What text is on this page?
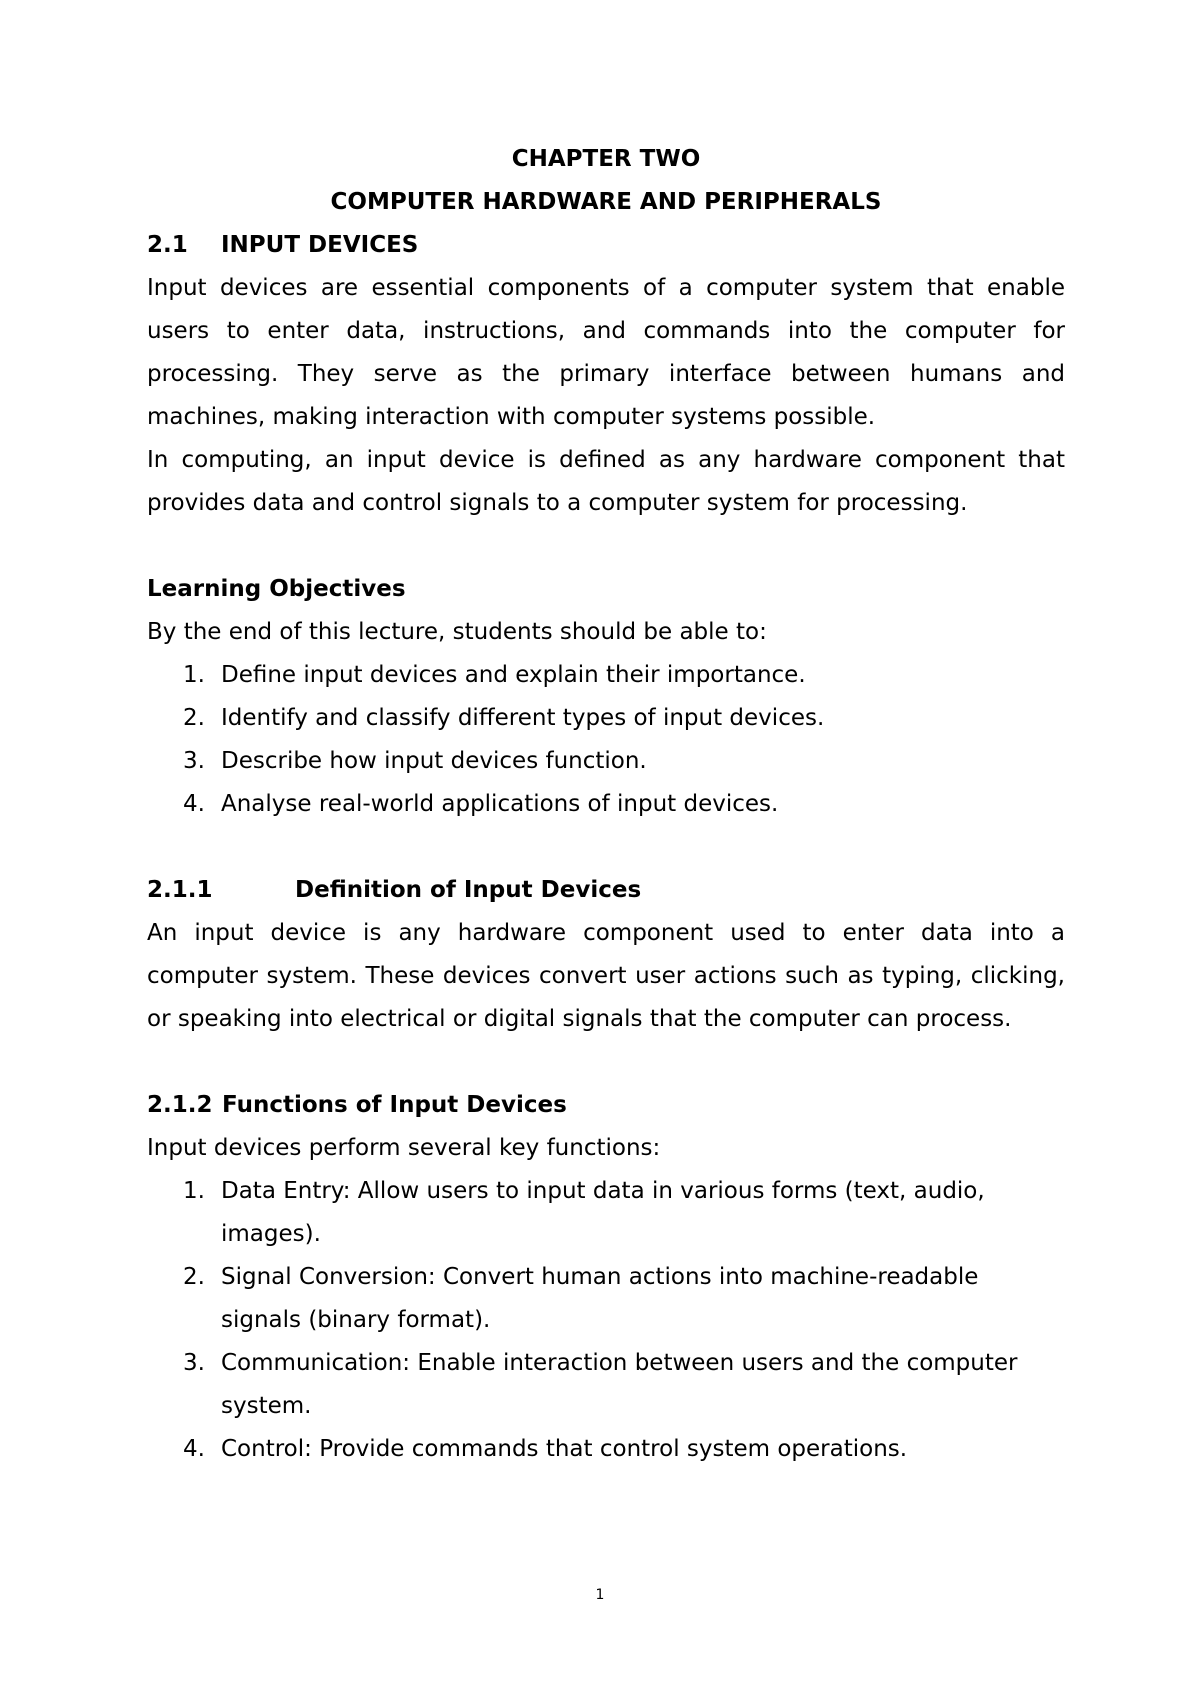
CHAPTER TWO

COMPUTER HARDWARE AND PERIPHERALS

2.1 INPUT DEVICES

Input devices are essential components of a computer system that enable users to enter data, instructions, and commands into the computer for processing. They serve as the primary interface between humans and machines, making interaction with computer systems possible.

In computing, an input device is defined as any hardware component that provides data and control signals to a computer system for processing.

Learning Objectives

By the end of this lecture, students should be able to:

1. Define input devices and explain their importance.
2. Identify and classify different types of input devices.
3. Describe how input devices function.
4. Analyse real-world applications of input devices.

2.1.1	Definition of Input Devices

An input device is any hardware component used to enter data into a computer system. These devices convert user actions such as typing, clicking, or speaking into electrical or digital signals that the computer can process.

2.1.2 Functions of Input Devices

Input devices perform several key functions:

1. Data Entry: Allow users to input data in various forms (text, audio, images).
2. Signal Conversion: Convert human actions into machine-readable signals (binary format).
3. Communication: Enable interaction between users and the computer system.
4. Control: Provide commands that control system operations.
1
